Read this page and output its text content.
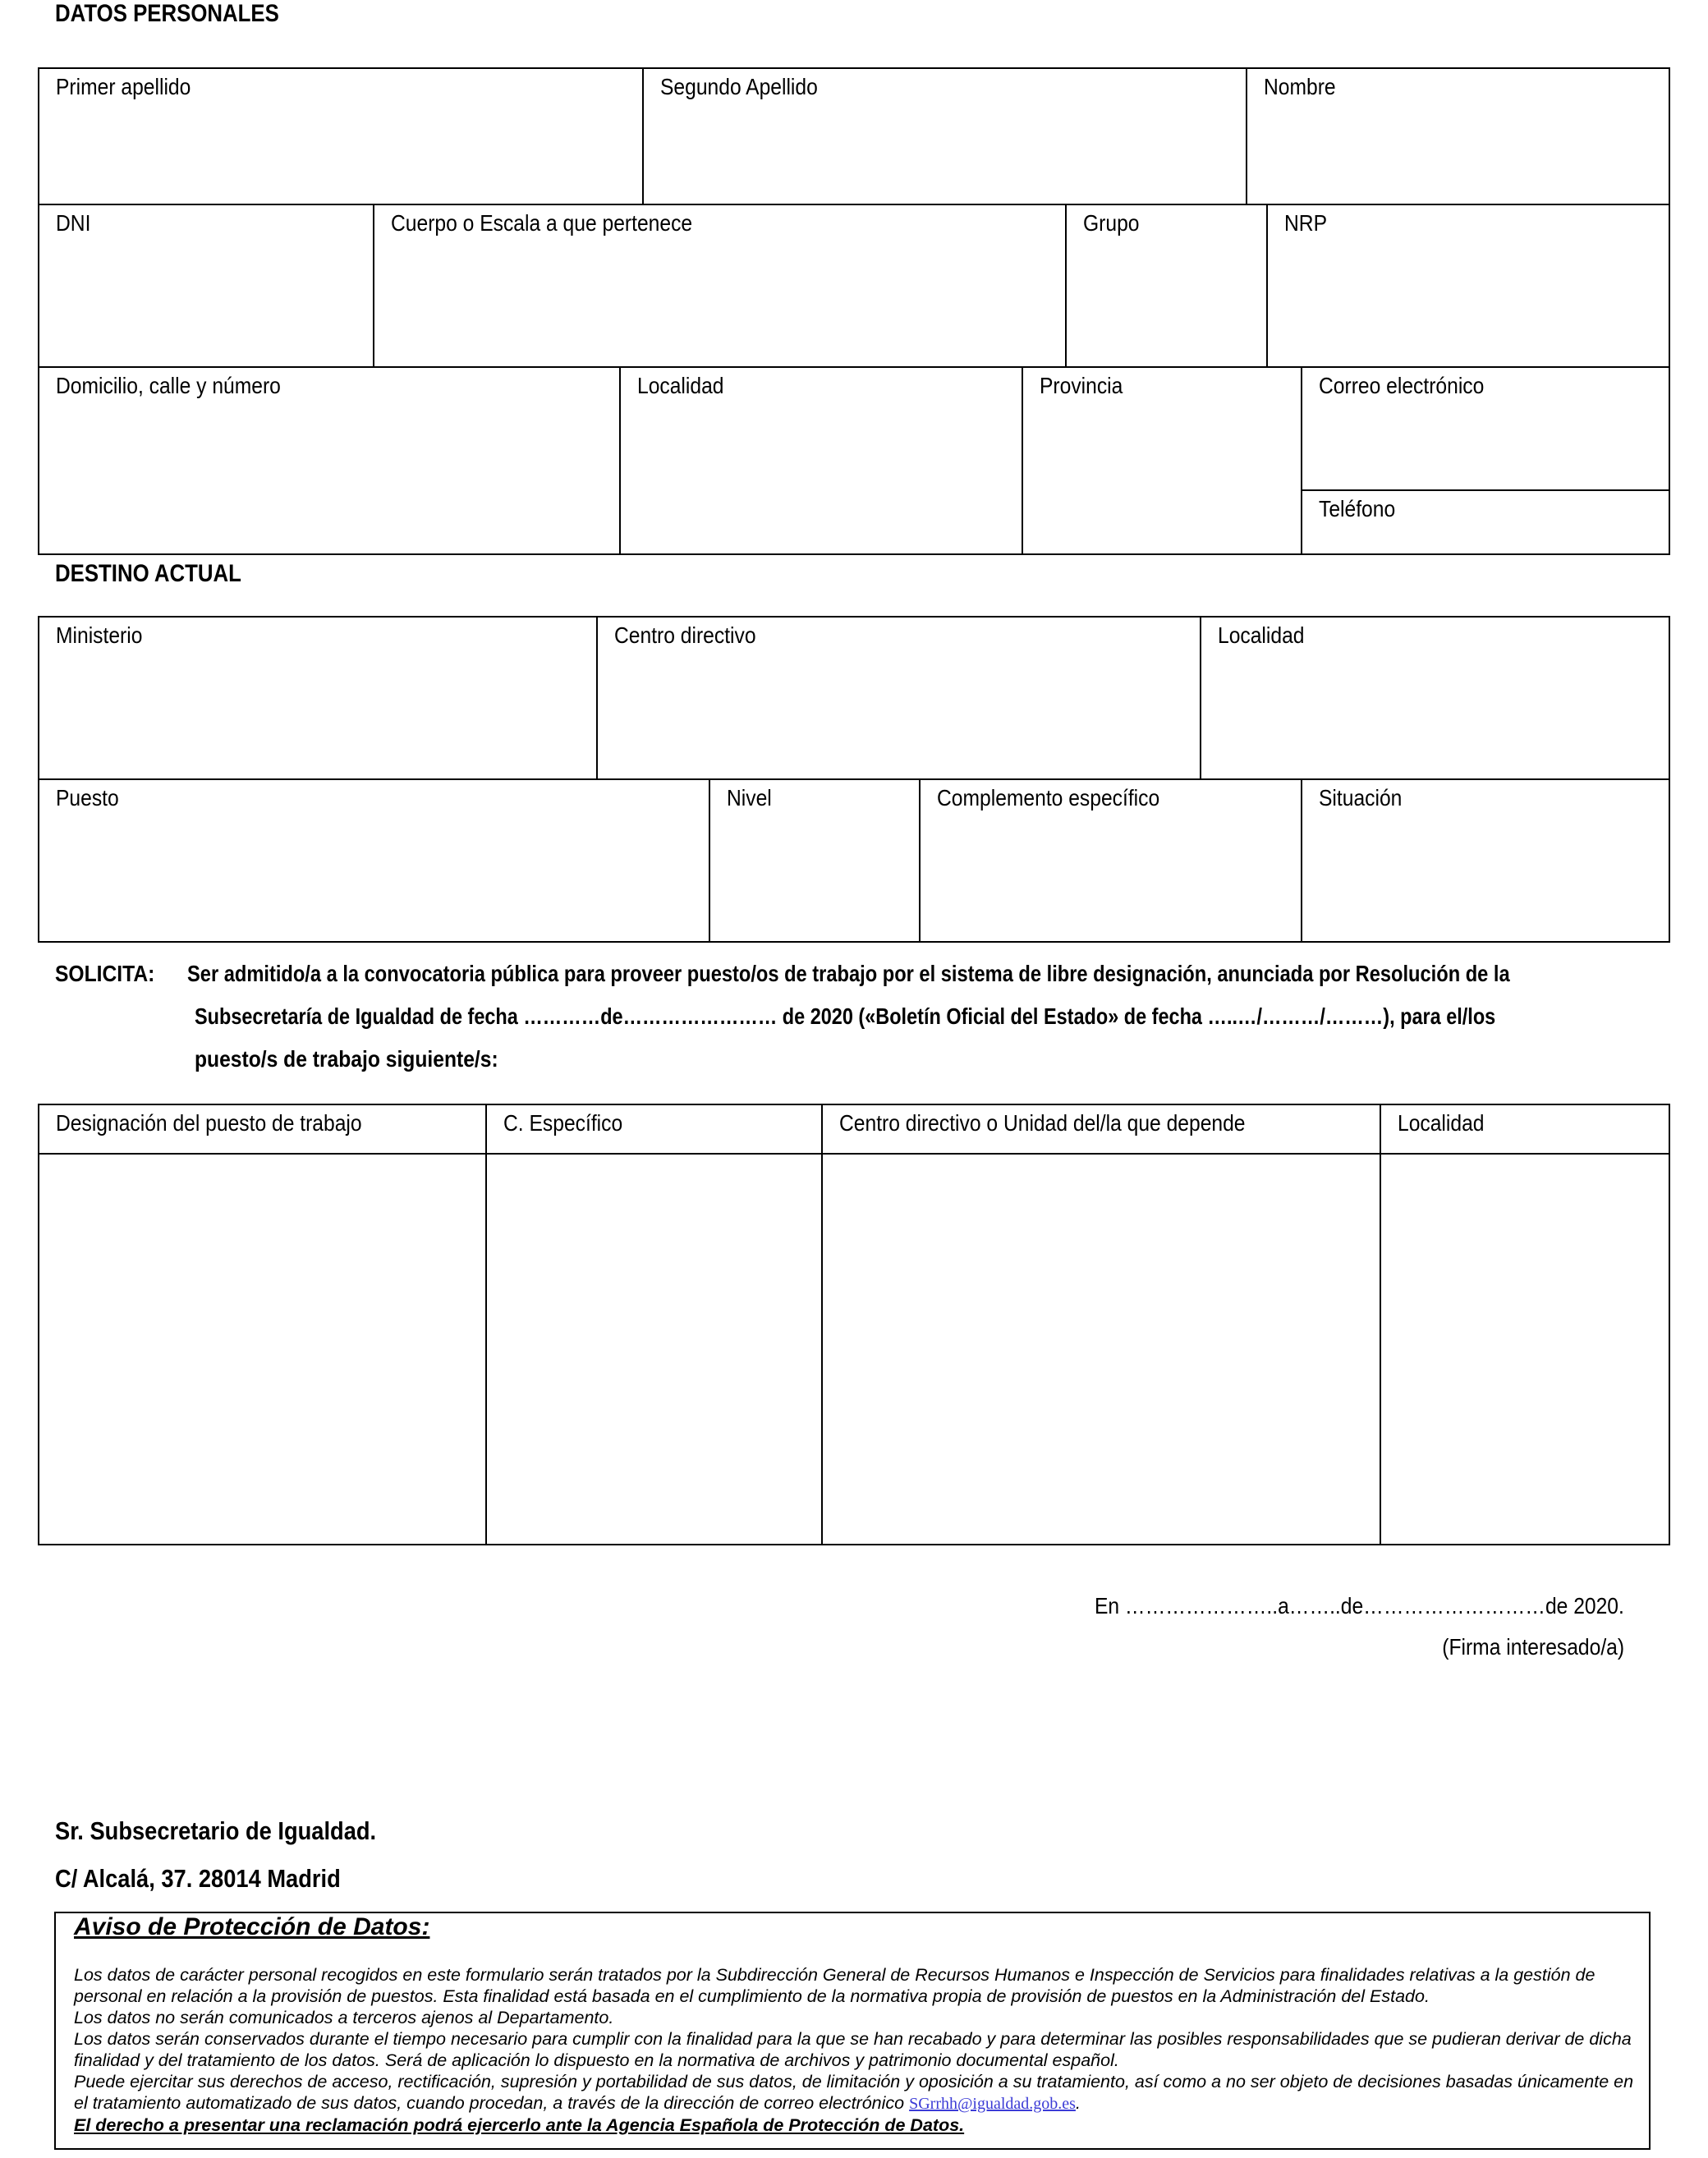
DATOS PERSONALES
Primer apellido	Segundo Apellido	Nombre
DNI	Cuerpo o Escala a que pertenece	Grupo	NRP
Domicilio, calle y número	Localidad	Provincia	Correo electrónico
Teléfono
DESTINO ACTUAL
Ministerio	Centro directivo	Localidad
Puesto	Nivel	Complemento específico	Situación
SOLICITA: Ser admitido/a a la convocatoria pública para proveer puesto/os de trabajo por el sistema de libre designación, anunciada por Resolución de la
Subsecretaría de Igualdad de fecha …………de…………………… de 2020 («Boletín Oficial del Estado» de fecha …..…/………/………), para el/los
puesto/s de trabajo siguiente/s:
Designación del puesto de trabajo	C. Específico	Centro directivo o Unidad del/la que depende	Localidad
En …………………..a……..de………………………de 2020.
(Firma interesado/a)
Sr. Subsecretario de Igualdad.
C/ Alcalá, 37. 28014 Madrid
Aviso de Protección de Datos:

Los datos de carácter personal recogidos en este formulario serán tratados por la Subdirección General de Recursos Humanos e Inspección de Servicios para finalidades relativas a la gestión de personal en relación a la provisión de puestos. Esta finalidad está basada en el cumplimiento de la normativa propia de provisión de puestos en la Administración del Estado.

Los datos no serán comunicados a terceros ajenos al Departamento.

Los datos serán conservados durante el tiempo necesario para cumplir con la finalidad para la que se han recabado y para determinar las posibles responsabilidades que se pudieran derivar de dicha finalidad y del tratamiento de los datos. Será de aplicación lo dispuesto en la normativa de archivos y patrimonio documental español.

Puede ejercitar sus derechos de acceso, rectificación, supresión y portabilidad de sus datos, de limitación y oposición a su tratamiento, así como a no ser objeto de decisiones basadas únicamente en el tratamiento automatizado de sus datos, cuando procedan, a través de la dirección de correo electrónico SGrrhh@igualdad.gob.es.

El derecho a presentar una reclamación podrá ejercerlo ante la Agencia Española de Protección de Datos.
